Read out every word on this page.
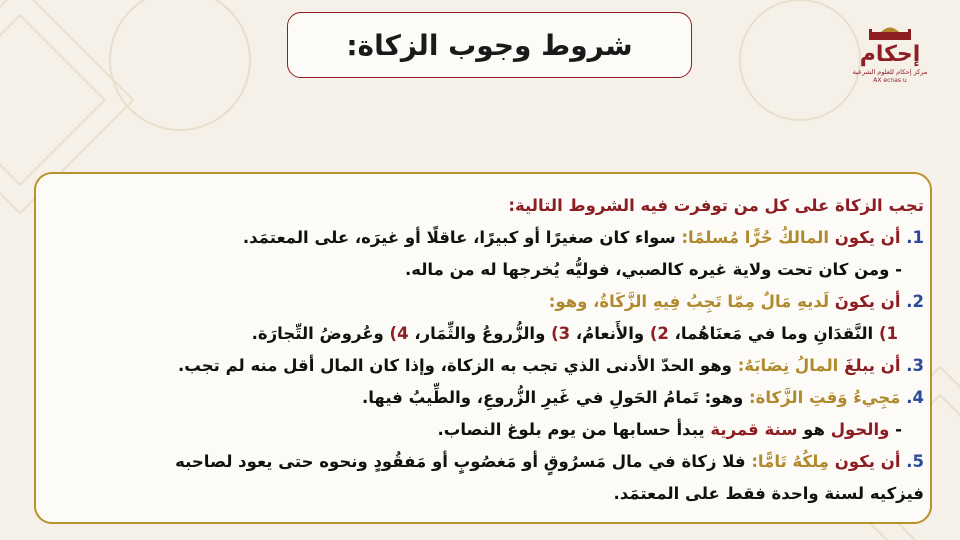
شروط وجوب الزكاة:	إحكام
مركز إحكام للعلوم الشرعية
AX ecnas u
تجب الزكاة على كل من توفرت فيه الشروط التالية:
1. أن يكون المالكُ حُرًّا مُسلمًا: سواء كان صغيرًا أو كبيرًا، عاقلًا أو غيرَه، على المعتمَد.
- ومن كان تحت ولاية غيره كالصبي، فوليُّه يُخرجها له من ماله.
2. أن يكونَ لَديهِ مَالٌ مِمّا تَجِبُ فِيهِ الزَّكَاةُ، وهو:
1) النَّقدَانِ وما في مَعنَاهُما، 2) والأَنعامُ، 3) والزُّروعُ والثِّمَار، 4) وعُروضُ التِّجارَة.
3. أن يبلغَ المالُ نِصَابَهُ: وهو الحدّ الأدنى الذي تجب به الزكاة، وإذا كان المال أقل منه لم تجب.
4. مَجِيءُ وَقتِ الزَّكاة: وهو: تَمامُ الحَولِ في غَيرِ الزُّروعِ، والطِّيبُ فيها.
- والحول هو سنة قمرية يبدأ حسابها من يوم بلوغ النصاب.
5. أن يكون مِلكُهُ تَامًّا: فلا زكاة في مال مَسرُوقٍ أو مَغصُوبٍ أو مَفقُودٍ ونحوه حتى يعود لصاحبه
فيزكيه لسنة واحدة فقط على المعتمَد.
